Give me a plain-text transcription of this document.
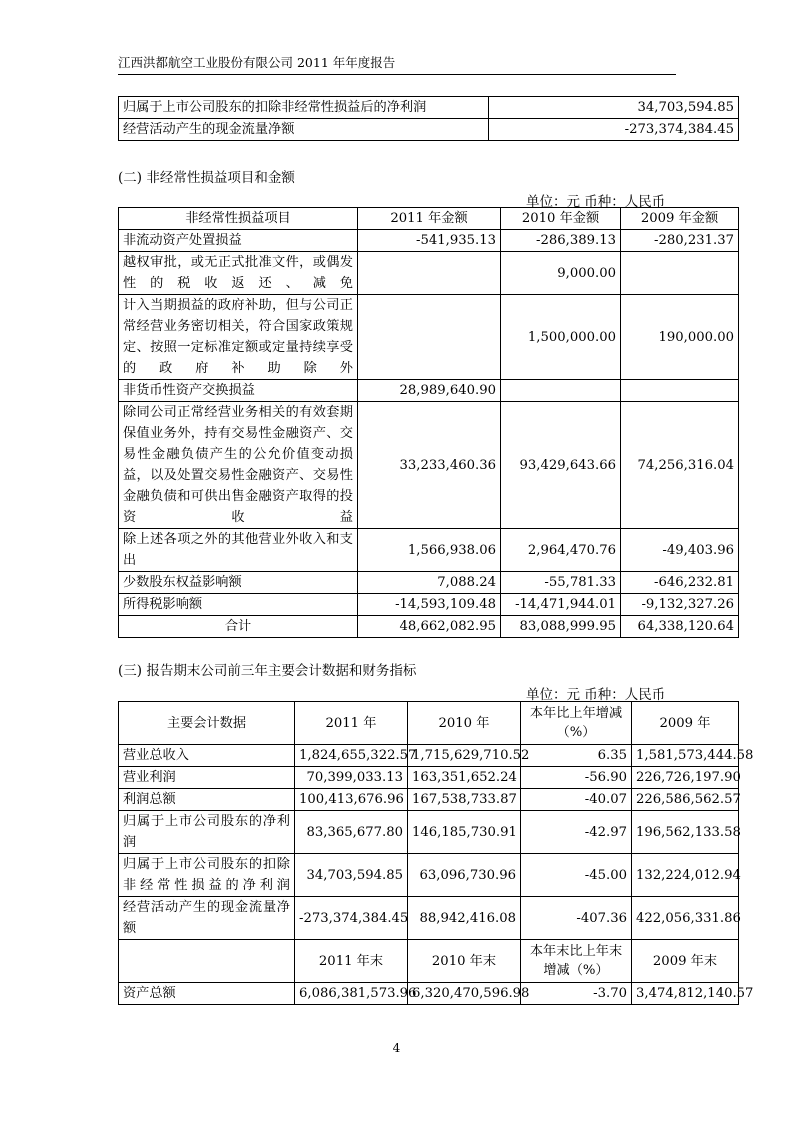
江西洪都航空工业股份有限公司 2011 年年度报告
归属于上市公司股东的扣除非经常性损益后的净利润	34,703,594.85
经营活动产生的现金流量净额	-273,374,384.45
(二) 非经常性损益项目和金额
单位：元 币种：人民币
非经常性损益项目	2011 年金额	2010 年金额	2009 年金额
非流动资产处置损益	-541,935.13	-286,389.13	-280,231.37
越权审批，或无正式批准文件，或偶发性的税收返还、减免		9,000.00	
计入当期损益的政府补助，但与公司正常经营业务密切相关，符合国家政策规定、按照一定标准定额或定量持续享受的政府补助除外		1,500,000.00	190,000.00
非货币性资产交换损益	28,989,640.90		
除同公司正常经营业务相关的有效套期保值业务外，持有交易性金融资产、交易性金融负债产生的公允价值变动损益，以及处置交易性金融资产、交易性金融负债和可供出售金融资产取得的投资收益	33,233,460.36	93,429,643.66	74,256,316.04
除上述各项之外的其他营业外收入和支出	1,566,938.06	2,964,470.76	-49,403.96
少数股东权益影响额	7,088.24	-55,781.33	-646,232.81
所得税影响额	-14,593,109.48	-14,471,944.01	-9,132,327.26
合计	48,662,082.95	83,088,999.95	64,338,120.64
(三) 报告期末公司前三年主要会计数据和财务指标
单位：元 币种：人民币
主要会计数据	2011 年	2010 年	本年比上年增减（%）	2009 年
营业总收入	1,824,655,322.57	1,715,629,710.52	6.35	1,581,573,444.58
营业利润	70,399,033.13	163,351,652.24	-56.90	226,726,197.90
利润总额	100,413,676.96	167,538,733.87	-40.07	226,586,562.57
归属于上市公司股东的净利润	83,365,677.80	146,185,730.91	-42.97	196,562,133.58
归属于上市公司股东的扣除非经常性损益的净利润	34,703,594.85	63,096,730.96	-45.00	132,224,012.94
经营活动产生的现金流量净额	-273,374,384.45	88,942,416.08	-407.36	422,056,331.86
	2011 年末	2010 年末	本年末比上年末增减（%）	2009 年末
资产总额	6,086,381,573.96	6,320,470,596.98	-3.70	3,474,812,140.57
4
